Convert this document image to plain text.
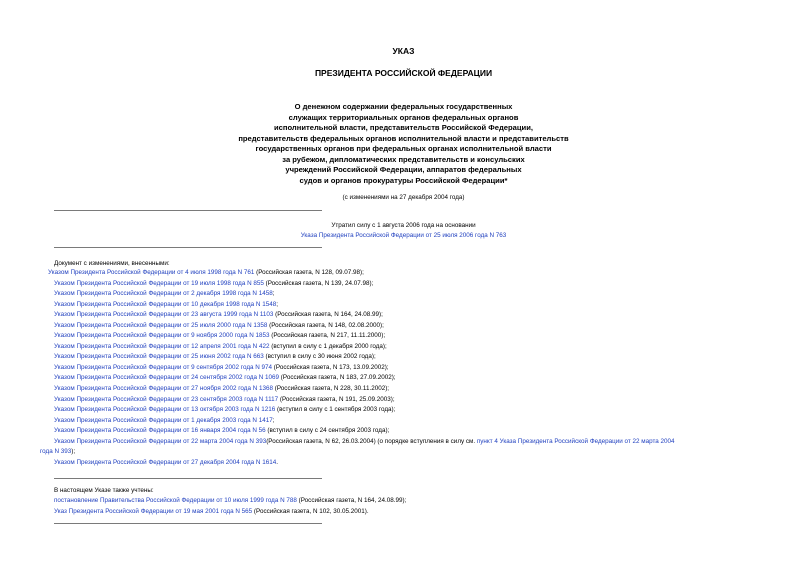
УКАЗ
ПРЕЗИДЕНТА РОССИЙСКОЙ ФЕДЕРАЦИИ
О денежном содержании федеральных государственных
служащих территориальных органов федеральных органов
исполнительной власти, представительств Российской Федерации,
представительств федеральных органов исполнительной власти и представительств
государственных органов при федеральных органах исполнительной власти
за рубежом, дипломатических представительств и консульских
учреждений Российской Федерации, аппаратов федеральных
судов и органов прокуратуры Российской Федерации*
(с изменениями на 27 декабря 2004 года)
Утратил силу с 1 августа 2006 года на основании
Указа Президента Российской Федерации от 25 июля 2006 года N 763
Документ с изменениями, внесенными:
Указом Президента Российской Федерации от 4 июля 1998 года N 761 (Российская газета, N 128, 09.07.98);
Указом Президента Российской Федерации от 19 июля 1998 года N 855 (Российская газета, N 139, 24.07.98);
Указом Президента Российской Федерации от 2 декабря 1998 года N 1458;
Указом Президента Российской Федерации от 10 декабря 1998 года N 1548;
Указом Президента Российской Федерации от 23 августа 1999 года N 1103 (Российская газета, N 164, 24.08.99);
Указом Президента Российской Федерации от 25 июля 2000 года N 1358 (Российская газета, N 148, 02.08.2000);
Указом Президента Российской Федерации от 9 ноября 2000 года N 1853 (Российская газета, N 217, 11.11.2000);
Указом Президента Российской Федерации от 12 апреля 2001 года N 422 (вступил в силу с 1 декабря 2000 года);
Указом Президента Российской Федерации от 25 июня 2002 года N 663 (вступил в силу с 30 июня 2002 года);
Указом Президента Российской Федерации от 9 сентября 2002 года N 974 (Российская газета, N 173, 13.09.2002);
Указом Президента Российской Федерации от 24 сентября 2002 года N 1069 (Российская газета, N 183, 27.09.2002);
Указом Президента Российской Федерации от 27 ноября 2002 года N 1368 (Российская газета, N 228, 30.11.2002);
Указом Президента Российской Федерации от 23 сентября 2003 года N 1117 (Российская газета, N 191, 25.09.2003);
Указом Президента Российской Федерации от 13 октября 2003 года N 1216 (вступил в силу с 1 сентября 2003 года);
Указом Президента Российской Федерации от 1 декабря 2003 года N 1417;
Указом Президента Российской Федерации от 16 января 2004 года N 56 (вступил в силу с 24 сентября 2003 года);
Указом Президента Российской Федерации от 22 марта 2004 года N 393(Российская газета, N 62, 26.03.2004) (о порядке вступления в силу см. пункт 4 Указа Президента Российской Федерации от 22 марта 2004
года N 393);
Указом Президента Российской Федерации от 27 декабря 2004 года N 1614.
В настоящем Указе также учтены:
постановление Правительства Российской Федерации от 10 июля 1999 года N 788 (Российская газета, N 164, 24.08.99);
Указ Президента Российской Федерации от 19 мая 2001 года N 565 (Российская газета, N 102, 30.05.2001).
